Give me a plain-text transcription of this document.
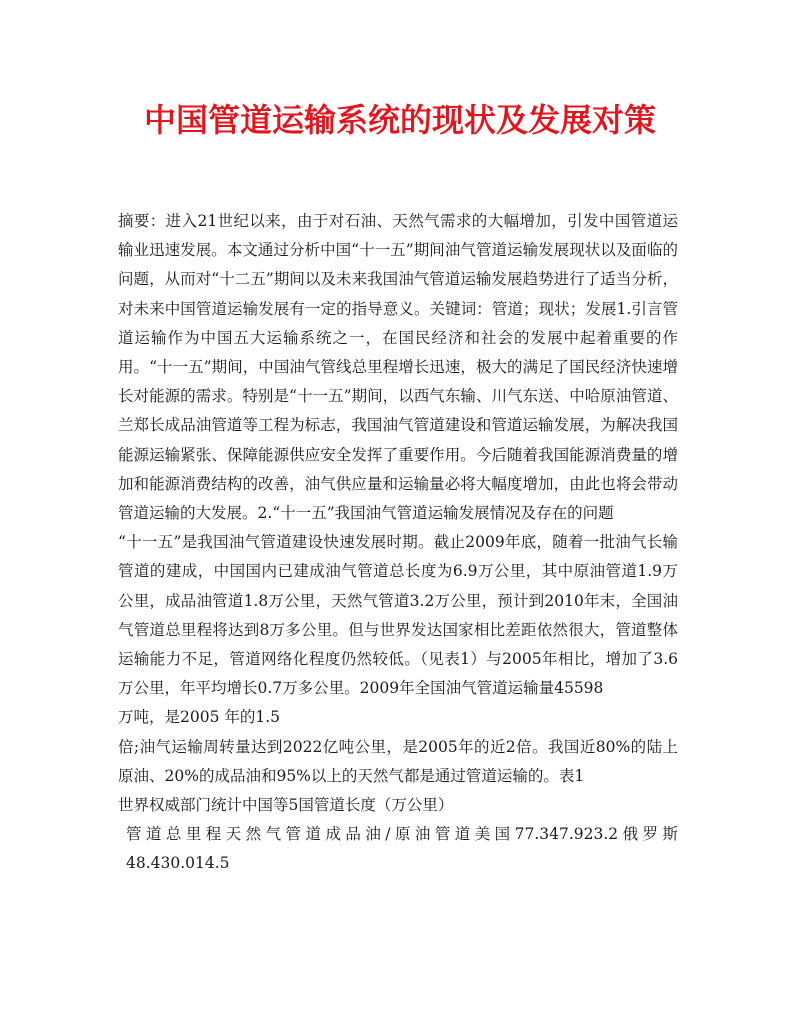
中国管道运输系统的现状及发展对策

摘要：进入21世纪以来，由于对石油、天然气需求的大幅增加，引发中国管道运输业迅速发展。本文通过分析中国“十一五”期间油气管道运输发展现状以及面临的问题，从而对“十二五”期间以及未来我国油气管道运输发展趋势进行了适当分析，对未来中国管道运输发展有一定的指导意义。关键词：管道；现状；发展1.引言管道运输作为中国五大运输系统之一，在国民经济和社会的发展中起着重要的作用。“十一五”期间，中国油气管线总里程增长迅速，极大的满足了国民经济快速增长对能源的需求。特别是“十一五”期间，以西气东输、川气东送、中哈原油管道、兰郑长成品油管道等工程为标志，我国油气管道建设和管道运输发展，为解决我国能源运输紧张、保障能源供应安全发挥了重要作用。今后随着我国能源消费量的增加和能源消费结构的改善，油气供应量和运输量必将大幅度增加，由此也将会带动管道运输的大发展。2.“十一五”我国油气管道运输发展情况及存在的问题

“十一五”是我国油气管道建设快速发展时期。截止2009年底，随着一批油气长输管道的建成，中国国内已建成油气管道总长度为6.9万公里，其中原油管道1.9万公里，成品油管道1.8万公里，天然气管道3.2万公里，预计到2010年末，全国油气管道总里程将达到8万多公里。但与世界发达国家相比差距依然很大，管道整体运输能力不足，管道网络化程度仍然较低。（见表1）与2005年相比，增加了3.6万公里，年平均增长0.7万多公里。2009年全国油气管道运输量45598

万吨，是2005 年的1.5

倍;油气运输周转量达到2022亿吨公里，是2005年的近2倍。我国近80%的陆上原油、20%的成品油和95%以上的天然气都是通过管道运输的。表1

世界权威部门统计中国等5国管道长度（万公里）

管道总里程天然气管道成品油/原油管道美国77.347.923.2俄罗斯48.430.014.5
